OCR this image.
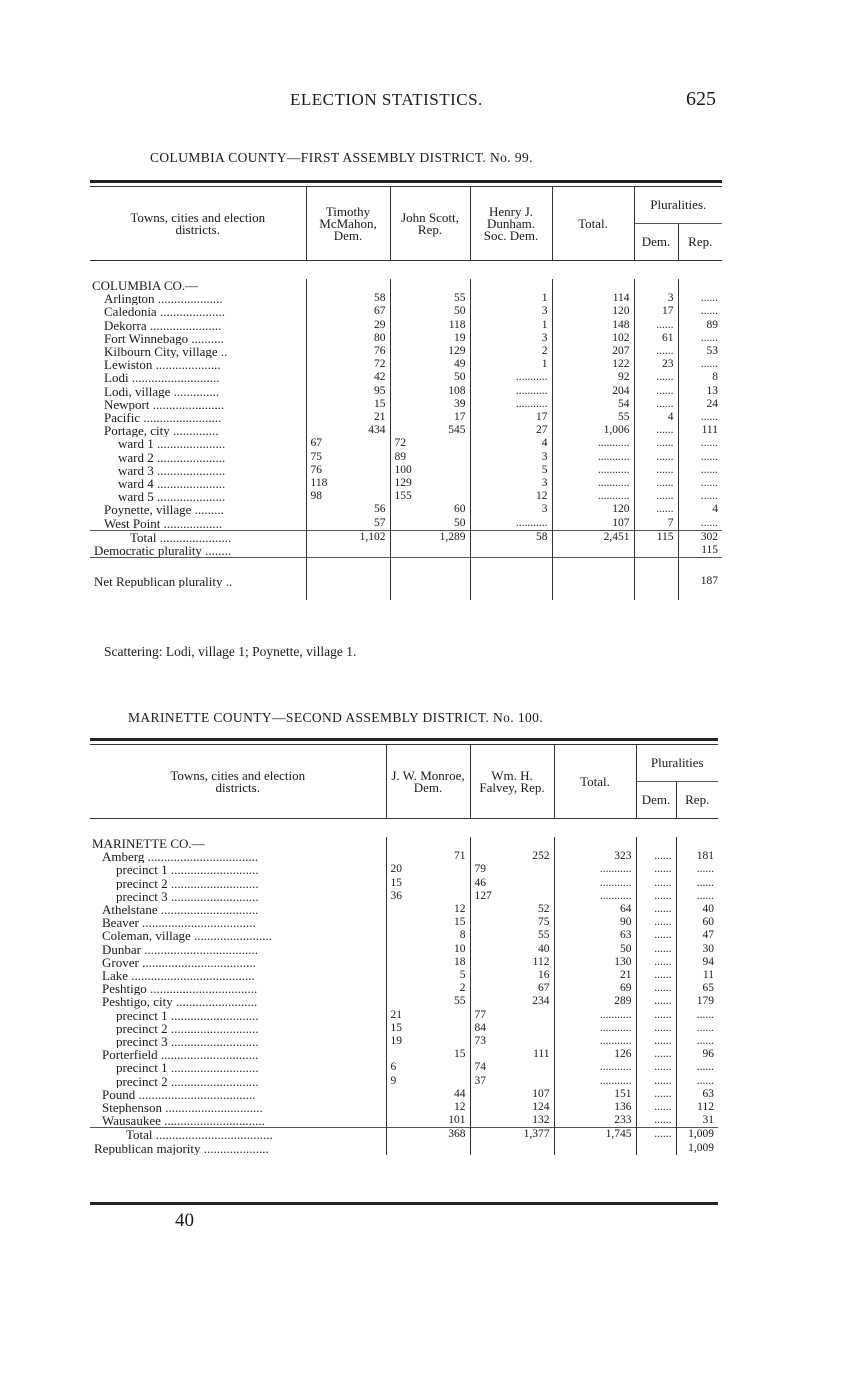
ELECTION STATISTICS.	625
COLUMBIA COUNTY—FIRST ASSEMBLY DISTRICT. No. 99.
Towns, cities and election districts.	Timothy McMahon, Dem.		John Scott, Rep.		Henry J. Dunham. Soc. Dem.	Total.	Pluralities.	
							Dem.	Rep.

COLUMBIA CO.—								
Arlington ....................		58		55	1	114	3	......
Caledonia ....................		67		50	3	120	17	......
Dekorra ......................		29		118	1	148	......	89
Fort Winnebago ..........		80		19	3	102	61	......
Kilbourn City, village ..		76		129	2	207	......	53
Lewiston ....................		72		49	1	122	23	......
Lodi ...........................		42		50	...........	92	......	8
Lodi, village ..............		95		108	...........	204	......	13
Newport ......................		15		39	...........	54	......	24
Pacific ........................		21		17	17	55	4	......
Portage, city ..............		434		545	27	1,006	......	111
ward 1 .....................	67		72		4	...........	......	......
ward 2 .....................	75		89		3	...........	......	......
ward 3 .....................	76		100		5	...........	......	......
ward 4 .....................	118		129		3	...........	......	......
ward 5 .....................	98		155		12	...........	......	......
Poynette, village .........		56		60	3	120	......	4
West Point ..................		57		50	...........	107	7	......
Total ......................	1,102		1,289		58	2,451	115	302
Democratic plurality ........								115
Net Republican plurality ..								187

Scattering: Lodi, village 1; Poynette, village 1.
MARINETTE COUNTY—SECOND ASSEMBLY DISTRICT. No. 100.
Towns, cities and election districts.	J. W. Monroe, Dem.		Wm. H. Falvey, Rep.		Total.	Pluralities	
						Dem.	Rep.

MARINETTE CO.—							
Amberg ..................................		71		252	323	......	181
precinct 1 ...........................	20		79		...........	......	......
precinct 2 ...........................	15		46		...........	......	......
precinct 3 ...........................	36		127		...........	......	......
Athelstane ..............................		12		52	64	......	40
Beaver ...................................		15		75	90	......	60
Coleman, village ........................		8		55	63	......	47
Dunbar ...................................		10		40	50	......	30
Grover ...................................		18		112	130	......	94
Lake ......................................		5		16	21	......	11
Peshtigo .................................		2		67	69	......	65
Peshtigo, city .........................		55		234	289	......	179
precinct 1 ...........................	21		77		...........	......	......
precinct 2 ...........................	15		84		...........	......	......
precinct 3 ...........................	19		73		...........	......	......
Porterfield ..............................		15		111	126	......	96
precinct 1 ...........................	6		74		...........	......	......
precinct 2 ...........................	9		37		...........	......	......
Pound ....................................		44		107	151	......	63
Stephenson ..............................		12		124	136	......	112
Wausaukee ...............................		101		132	233	......	31
Total ....................................	368		1,377		1,745	......	1,009
Republican majority ....................							1,009
40
